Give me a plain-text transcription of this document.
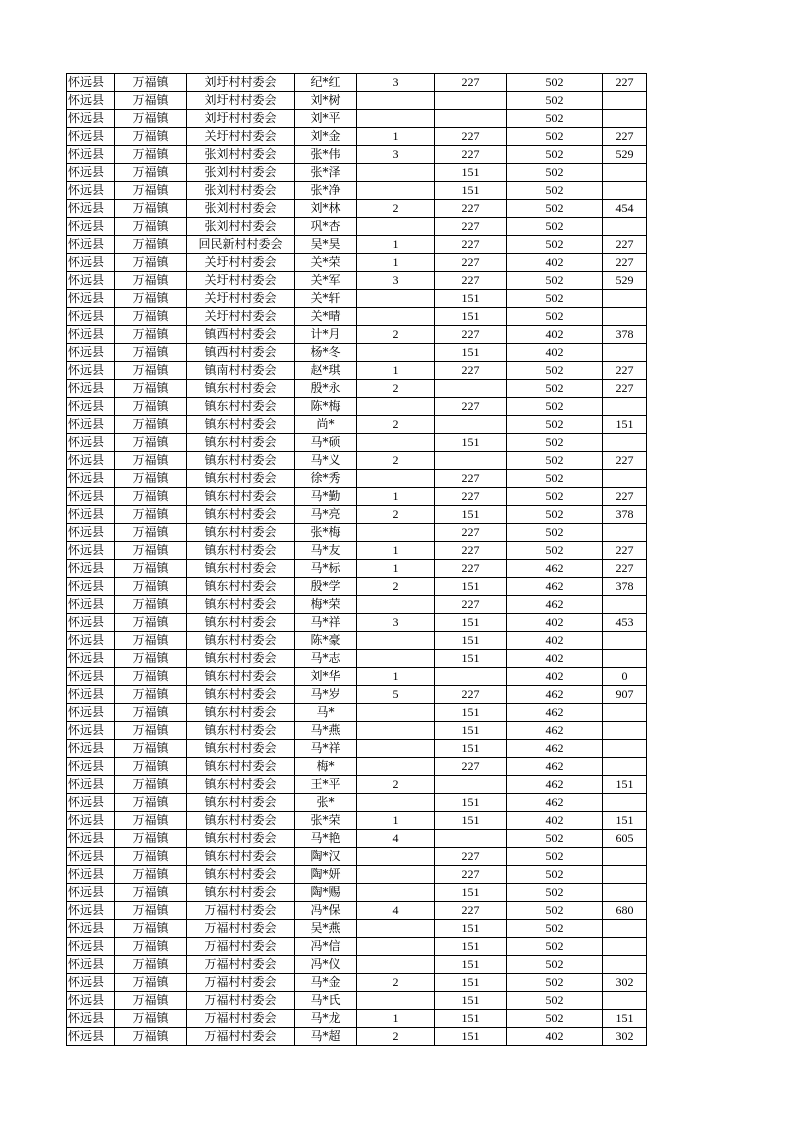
怀远县	万福镇	刘圩村村委会	纪*红	3	227	502	227
怀远县	万福镇	刘圩村村委会	刘*树			502	
怀远县	万福镇	刘圩村村委会	刘*平			502	
怀远县	万福镇	关圩村村委会	刘*金	1	227	502	227
怀远县	万福镇	张刘村村委会	张*伟	3	227	502	529
怀远县	万福镇	张刘村村委会	张*泽		151	502	
怀远县	万福镇	张刘村村委会	张*净		151	502	
怀远县	万福镇	张刘村村委会	刘*林	2	227	502	454
怀远县	万福镇	张刘村村委会	巩*杏		227	502	
怀远县	万福镇	回民新村村委会	吴*昊	1	227	502	227
怀远县	万福镇	关圩村村委会	关*荣	1	227	402	227
怀远县	万福镇	关圩村村委会	关*军	3	227	502	529
怀远县	万福镇	关圩村村委会	关*轩		151	502	
怀远县	万福镇	关圩村村委会	关*晴		151	502	
怀远县	万福镇	镇西村村委会	计*月	2	227	402	378
怀远县	万福镇	镇西村村委会	杨*冬		151	402	
怀远县	万福镇	镇南村村委会	赵*琪	1	227	502	227
怀远县	万福镇	镇东村村委会	殷*永	2		502	227
怀远县	万福镇	镇东村村委会	陈*梅		227	502	
怀远县	万福镇	镇东村村委会	尚*	2		502	151
怀远县	万福镇	镇东村村委会	马*硕		151	502	
怀远县	万福镇	镇东村村委会	马*义	2		502	227
怀远县	万福镇	镇东村村委会	徐*秀		227	502	
怀远县	万福镇	镇东村村委会	马*勤	1	227	502	227
怀远县	万福镇	镇东村村委会	马*亮	2	151	502	378
怀远县	万福镇	镇东村村委会	张*梅		227	502	
怀远县	万福镇	镇东村村委会	马*友	1	227	502	227
怀远县	万福镇	镇东村村委会	马*标	1	227	462	227
怀远县	万福镇	镇东村村委会	殷*学	2	151	462	378
怀远县	万福镇	镇东村村委会	梅*荣		227	462	
怀远县	万福镇	镇东村村委会	马*祥	3	151	402	453
怀远县	万福镇	镇东村村委会	陈*豪		151	402	
怀远县	万福镇	镇东村村委会	马*志		151	402	
怀远县	万福镇	镇东村村委会	刘*华	1		402	0
怀远县	万福镇	镇东村村委会	马*岁	5	227	462	907
怀远县	万福镇	镇东村村委会	马*		151	462	
怀远县	万福镇	镇东村村委会	马*燕		151	462	
怀远县	万福镇	镇东村村委会	马*祥		151	462	
怀远县	万福镇	镇东村村委会	梅*		227	462	
怀远县	万福镇	镇东村村委会	王*平	2		462	151
怀远县	万福镇	镇东村村委会	张*		151	462	
怀远县	万福镇	镇东村村委会	张*荣	1	151	402	151
怀远县	万福镇	镇东村村委会	马*艳	4		502	605
怀远县	万福镇	镇东村村委会	陶*汉		227	502	
怀远县	万福镇	镇东村村委会	陶*妍		227	502	
怀远县	万福镇	镇东村村委会	陶*赐		151	502	
怀远县	万福镇	万福村村委会	冯*保	4	227	502	680
怀远县	万福镇	万福村村委会	吴*燕		151	502	
怀远县	万福镇	万福村村委会	冯*信		151	502	
怀远县	万福镇	万福村村委会	冯*仪		151	502	
怀远县	万福镇	万福村村委会	马*金	2	151	502	302
怀远县	万福镇	万福村村委会	马*氏		151	502	
怀远县	万福镇	万福村村委会	马*龙	1	151	502	151
怀远县	万福镇	万福村村委会	马*超	2	151	402	302
